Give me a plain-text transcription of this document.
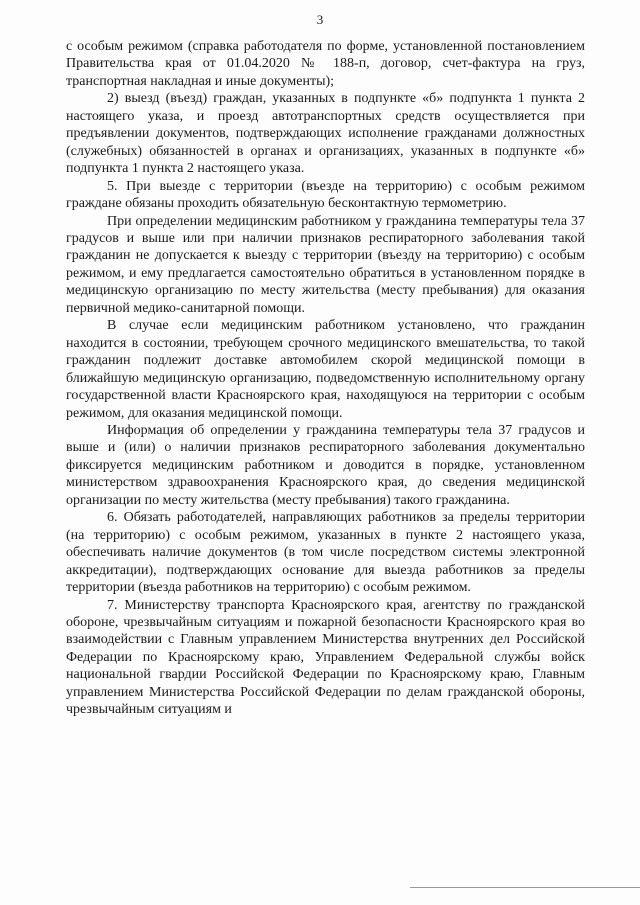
3

с особым режимом (справка работодателя по форме, установленной постановлением Правительства края от 01.04.2020 № 188-п, договор, счет-фактура на груз, транспортная накладная и иные документы);

2) выезд (въезд) граждан, указанных в подпункте «б» подпункта 1 пункта 2 настоящего указа, и проезд автотранспортных средств осуществляется при предъявлении документов, подтверждающих исполнение гражданами должностных (служебных) обязанностей в органах и организациях, указанных в подпункте «б» подпункта 1 пункта 2 настоящего указа.

5. При выезде с территории (въезде на территорию) с особым режимом граждане обязаны проходить обязательную бесконтактную термометрию.

При определении медицинским работником у гражданина температуры тела 37 градусов и выше или при наличии признаков респираторного заболевания такой гражданин не допускается к выезду с территории (въезду на территорию) с особым режимом, и ему предлагается самостоятельно обратиться в установленном порядке в медицинскую организацию по месту жительства (месту пребывания) для оказания первичной медико-санитарной помощи.

В случае если медицинским работником установлено, что гражданин находится в состоянии, требующем срочного медицинского вмешательства, то такой гражданин подлежит доставке автомобилем скорой медицинской помощи в ближайшую медицинскую организацию, подведомственную исполнительному органу государственной власти Красноярского края, находящуюся на территории с особым режимом, для оказания медицинской помощи.

Информация об определении у гражданина температуры тела 37 градусов и выше и (или) о наличии признаков респираторного заболевания документально фиксируется медицинским работником и доводится в порядке, установленном министерством здравоохранения Красноярского края, до сведения медицинской организации по месту жительства (месту пребывания) такого гражданина.

6. Обязать работодателей, направляющих работников за пределы территории (на территорию) с особым режимом, указанных в пункте 2 настоящего указа, обеспечивать наличие документов (в том числе посредством системы электронной аккредитации), подтверждающих основание для выезда работников за пределы территории (въезда работников на территорию) с особым режимом.

7. Министерству транспорта Красноярского края, агентству по гражданской обороне, чрезвычайным ситуациям и пожарной безопасности Красноярского края во взаимодействии с Главным управлением Министерства внутренних дел Российской Федерации по Красноярскому краю, Управлением Федеральной службы войск национальной гвардии Российской Федерации по Красноярскому краю, Главным управлением Министерства Российской Федерации по делам гражданской обороны, чрезвычайным ситуациям и
